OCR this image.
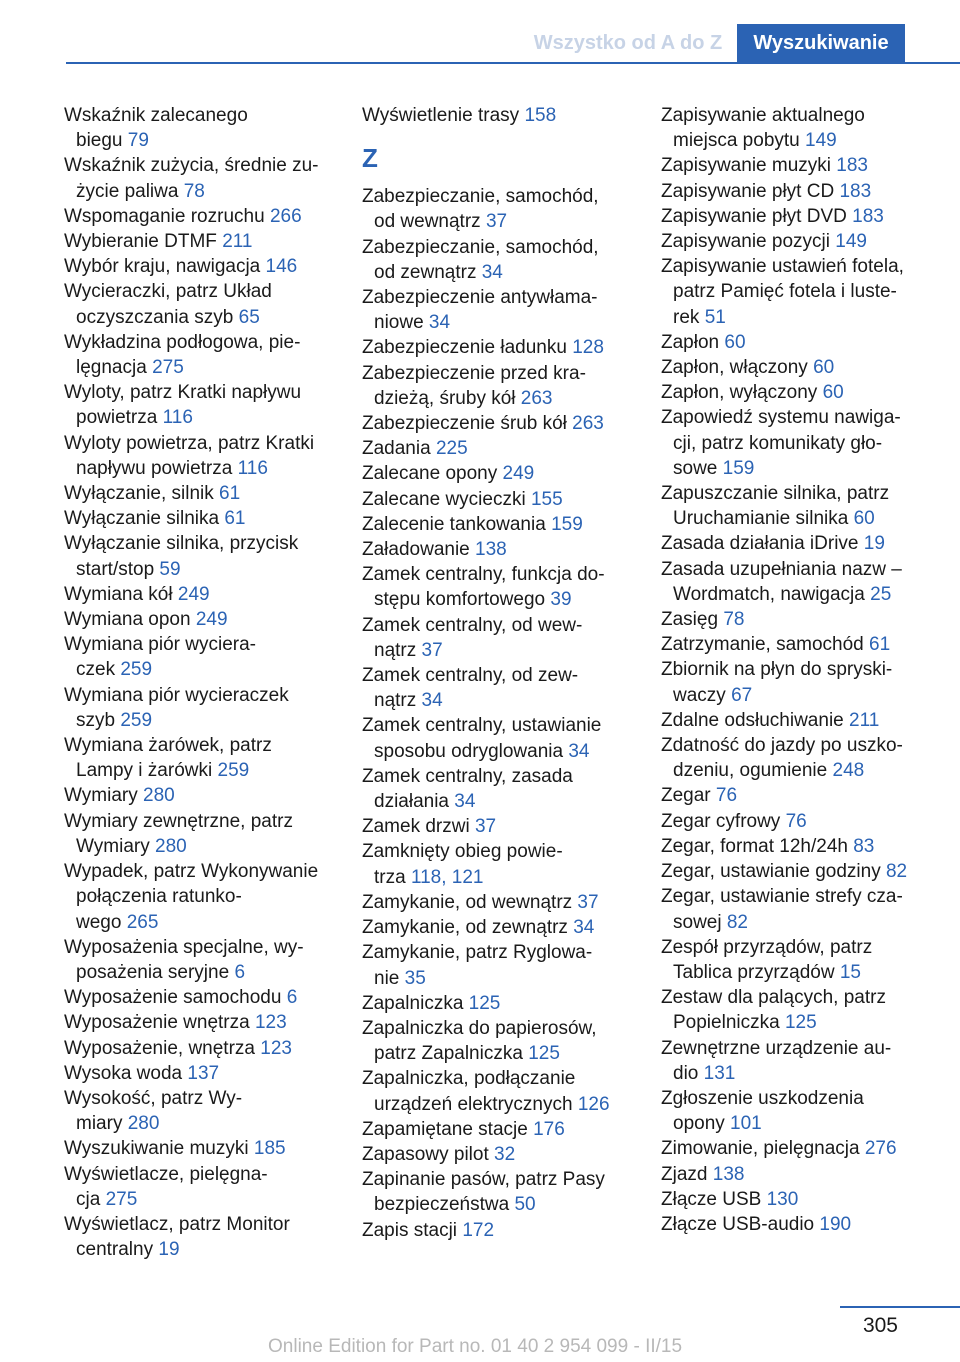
Wszystko od A do Z	Wyszukiwanie
Wskaźnik zalecanego
biegu 79
Wskaźnik zużycia, średnie zu‐
życie paliwa 78
Wspomaganie rozruchu 266
Wybieranie DTMF 211
Wybór kraju, nawigacja 146
Wycieraczki, patrz Układ
oczyszczania szyb 65
Wykładzina podłogowa, pie‐
lęgnacja 275
Wyloty, patrz Kratki napływu
powietrza 116
Wyloty powietrza, patrz Kratki
napływu powietrza 116
Wyłączanie, silnik 61
Wyłączanie silnika 61
Wyłączanie silnika, przycisk
start/stop 59
Wymiana kół 249
Wymiana opon 249
Wymiana piór wyciera‐
czek 259
Wymiana piór wycieraczek
szyb 259
Wymiana żarówek, patrz
Lampy i żarówki 259
Wymiary 280
Wymiary zewnętrzne, patrz
Wymiary 280
Wypadek, patrz Wykonywanie
połączenia ratunko‐
wego 265
Wyposażenia specjalne, wy‐
posażenia seryjne 6
Wyposażenie samochodu 6
Wyposażenie wnętrza 123
Wyposażenie, wnętrza 123
Wysoka woda 137
Wysokość, patrz Wy‐
miary 280
Wyszukiwanie muzyki 185
Wyświetlacze, pielęgna‐
cja 275
Wyświetlacz, patrz Monitor
centralny 19
Wyświetlenie trasy 158
Z
Zabezpieczanie, samochód,
od wewnątrz 37
Zabezpieczanie, samochód,
od zewnątrz 34
Zabezpieczenie antywłama‐
niowe 34
Zabezpieczenie ładunku 128
Zabezpieczenie przed kra‐
dzieżą, śruby kół 263
Zabezpieczenie śrub kół 263
Zadania 225
Zalecane opony 249
Zalecane wycieczki 155
Zalecenie tankowania 159
Załadowanie 138
Zamek centralny, funkcja do‐
stępu komfortowego 39
Zamek centralny, od wew‐
nątrz 37
Zamek centralny, od zew‐
nątrz 34
Zamek centralny, ustawianie
sposobu odryglowania 34
Zamek centralny, zasada
działania 34
Zamek drzwi 37
Zamknięty obieg powie‐
trza 118, 121
Zamykanie, od wewnątrz 37
Zamykanie, od zewnątrz 34
Zamykanie, patrz Ryglowa‐
nie 35
Zapalniczka 125
Zapalniczka do papierosów,
patrz Zapalniczka 125
Zapalniczka, podłączanie
urządzeń elektrycznych 126
Zapamiętane stacje 176
Zapasowy pilot 32
Zapinanie pasów, patrz Pasy
bezpieczeństwa 50
Zapis stacji 172
Zapisywanie aktualnego
miejsca pobytu 149
Zapisywanie muzyki 183
Zapisywanie płyt CD 183
Zapisywanie płyt DVD 183
Zapisywanie pozycji 149
Zapisywanie ustawień fotela,
patrz Pamięć fotela i luste‐
rek 51
Zapłon 60
Zapłon, włączony 60
Zapłon, wyłączony 60
Zapowiedź systemu nawiga‐
cji, patrz komunikaty gło‐
sowe 159
Zapuszczanie silnika, patrz
Uruchamianie silnika 60
Zasada działania iDrive 19
Zasada uzupełniania nazw –
Wordmatch, nawigacja 25
Zasięg 78
Zatrzymanie, samochód 61
Zbiornik na płyn do spryski‐
waczy 67
Zdalne odsłuchiwanie 211
Zdatność do jazdy po uszko‐
dzeniu, ogumienie 248
Zegar 76
Zegar cyfrowy 76
Zegar, format 12h/24h 83
Zegar, ustawianie godziny 82
Zegar, ustawianie strefy cza‐
sowej 82
Zespół przyrządów, patrz
Tablica przyrządów 15
Zestaw dla palących, patrz
Popielniczka 125
Zewnętrzne urządzenie au‐
dio 131
Zgłoszenie uszkodzenia
opony 101
Zimowanie, pielęgnacja 276
Zjazd 138
Złącze USB 130
Złącze USB-audio 190
305
Online Edition for Part no. 01 40 2 954 099 - II/15
